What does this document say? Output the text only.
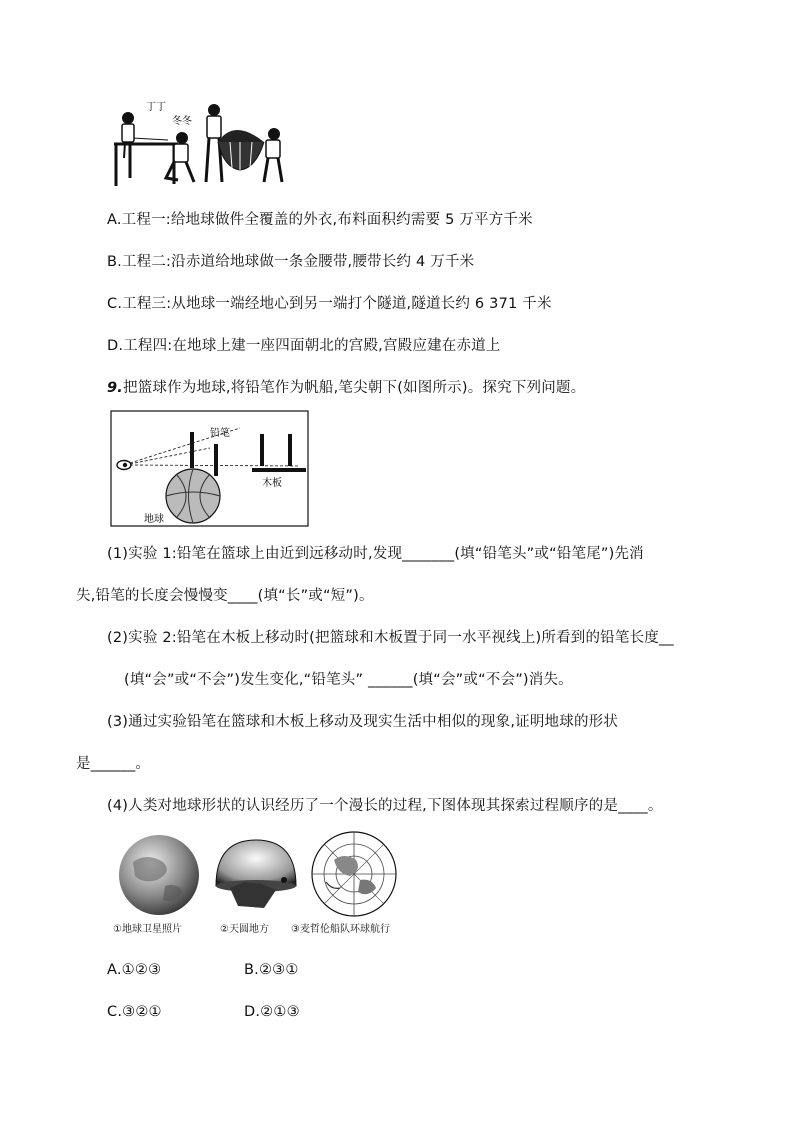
丁丁
冬冬
A.工程一:给地球做件全覆盖的外衣,布料面积约需要 5 万平方千米
B.工程二:沿赤道给地球做一条金腰带,腰带长约 4 万千米
C.工程三:从地球一端经地心到另一端打个隧道,隧道长约 6 371 千米
D.工程四:在地球上建一座四面朝北的宫殿,宫殿应建在赤道上
9.把篮球作为地球,将铅笔作为帆船,笔尖朝下(如图所示)。探究下列问题。
铅笔
木板
地球
(1)实验 1:铅笔在篮球上由近到远移动时,发现_______(填“铅笔头”或“铅笔尾”)先消
失,铅笔的长度会慢慢变____(填“长”或“短”)。
(2)实验 2:铅笔在木板上移动时(把篮球和木板置于同一水平视线上)所看到的铅笔长度__
(填“会”或“不会”)发生变化,“铅笔头” ______(填“会”或“不会”)消失。
(3)通过实验铅笔在篮球和木板上移动及现实生活中相似的现象,证明地球的形状
是______。
(4)人类对地球形状的认识经历了一个漫长的过程,下图体现其探索过程顺序的是____。
①地球卫星照片	②天圆地方 ③麦哲伦船队环球航行
A.①②③	B.②③①
C.③②①	D.②①③
